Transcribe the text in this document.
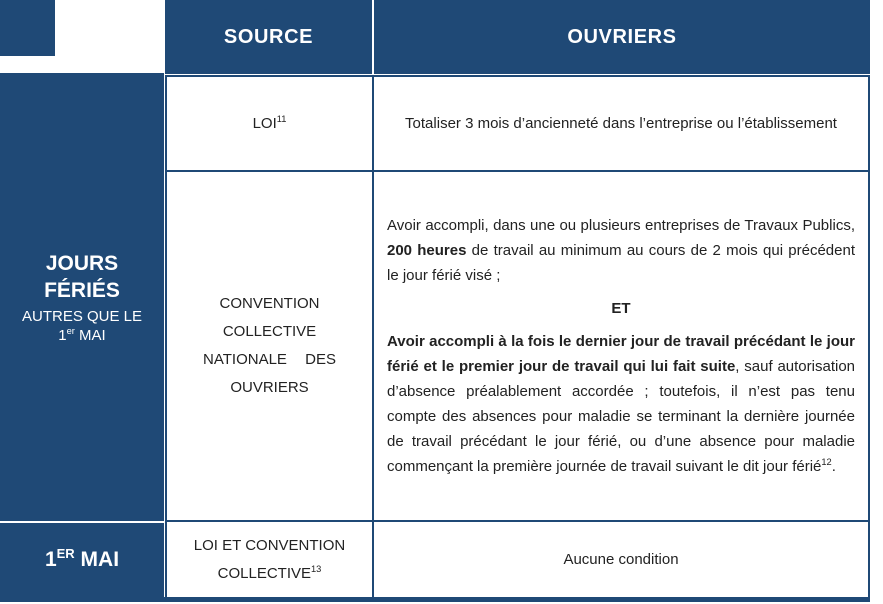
SOURCE	OUVRIERS
JOURS FÉRIÉS
AUTRES QUE LE
1er MAI
1ER MAI
LOI$^{11}$	Totaliser 3 mois d’ancienneté dans l’entreprise ou l’établissement
CONVENTION
COLLECTIVE
NATIONALE DES
OUVRIERS

Avoir accompli, dans une ou plusieurs entreprises de Travaux Publics, 200 heures de travail au minimum au cours de 2 mois qui précédent le jour férié visé ;

ET

Avoir accompli à la fois le dernier jour de travail précédant le jour férié et le premier jour de travail qui lui fait suite, sauf autorisation d’absence préalablement accordée ; toutefois, il n’est pas tenu compte des absences pour maladie se terminant la dernière journée de travail précédant le jour férié, ou d’une absence pour maladie commençant la première journée de travail suivant le dit jour férié$^{12}$.

LOI ET CONVENTION
COLLECTIVE$^{13}$
Aucune condition
